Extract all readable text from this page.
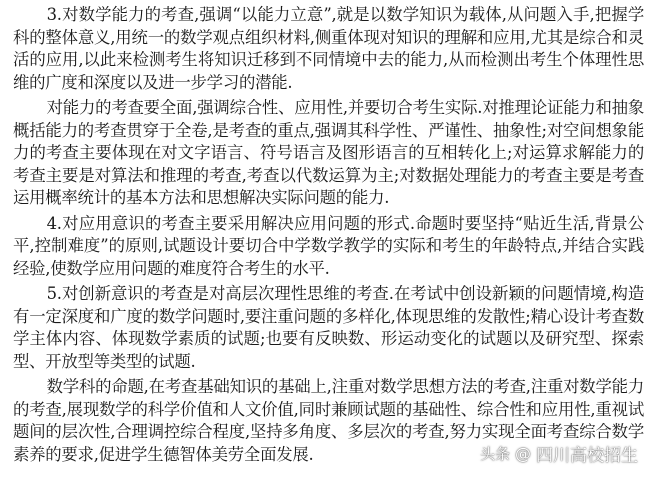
3.对数学能力的考查,强调“以能力立意”,就是以数学知识为载体,从问题入手,把握学科的整体意义,用统一的数学观点组织材料,侧重体现对知识的理解和应用,尤其是综合和灵活的应用,以此来检测考生将知识迁移到不同情境中去的能力,从而检测出考生个体理性思维的广度和深度以及进一步学习的潜能.

对能力的考查要全面,强调综合性、应用性,并要切合考生实际.对推理论证能力和抽象概括能力的考查贯穿于全卷,是考查的重点,强调其科学性、严谨性、抽象性;对空间想象能力的考查主要体现在对文字语言、符号语言及图形语言的互相转化上;对运算求解能力的考查主要是对算法和推理的考查,考查以代数运算为主;对数据处理能力的考查主要是考查运用概率统计的基本方法和思想解决实际问题的能力.

4.对应用意识的考查主要采用解决应用问题的形式.命题时要坚持“贴近生活,背景公平,控制难度”的原则,试题设计要切合中学数学教学的实际和考生的年龄特点,并结合实践经验,使数学应用问题的难度符合考生的水平.

5.对创新意识的考查是对高层次理性思维的考查.在考试中创设新颖的问题情境,构造有一定深度和广度的数学问题时,要注重问题的多样化,体现思维的发散性;精心设计考查数学主体内容、体现数学素质的试题;也要有反映数、形运动变化的试题以及研究型、探索型、开放型等类型的试题.

数学科的命题,在考查基础知识的基础上,注重对数学思想方法的考查,注重对数学能力的考查,展现数学的科学价值和人文价值,同时兼顾试题的基础性、综合性和应用性,重视试题间的层次性,合理调控综合程度,坚持多角度、多层次的考查,努力实现全面考查综合数学素养的要求,促进学生德智体美劳全面发展.	头条 @ 四川高校招生
